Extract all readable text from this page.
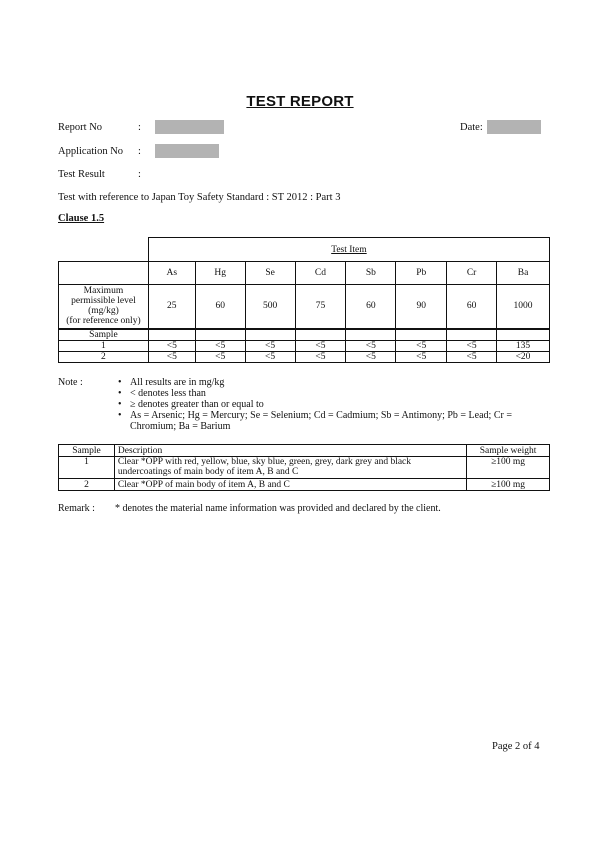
TEST REPORT
Report No	:	Date:
Application No :
Test Result	:
Test with reference to Japan Toy Safety Standard : ST 2012 : Part 3
Clause 1.5
	Test Item							
	As	Hg	Se	Cd	Sb	Pb	Cr	Ba

Maximum
permissible level
(mg/kg)
(for reference only)	25	60	500	75	60	90	60	1000
Sample								
1	<5	<5	<5	<5	<5	<5	<5	135
2	<5	<5	<5	<5	<5	<5	<5	<20
Note :	• All results are in mg/kg
• < denotes less than
• ≥ denotes greater than or equal to
• As = Arsenic; Hg = Mercury; Se = Selenium; Cd = Cadmium; Sb = Antimony; Pb = Lead; Cr = Chromium; Ba = Barium
Sample	Description	Sample weight
1	Clear *OPP with red, yellow, blue, sky blue, green, grey, dark grey and black undercoatings of main body of item A, B and C	≥100 mg
2	Clear *OPP of main body of item A, B and C	≥100 mg
Remark : * denotes the material name information was provided and declared by the client.
Page 2 of 4
